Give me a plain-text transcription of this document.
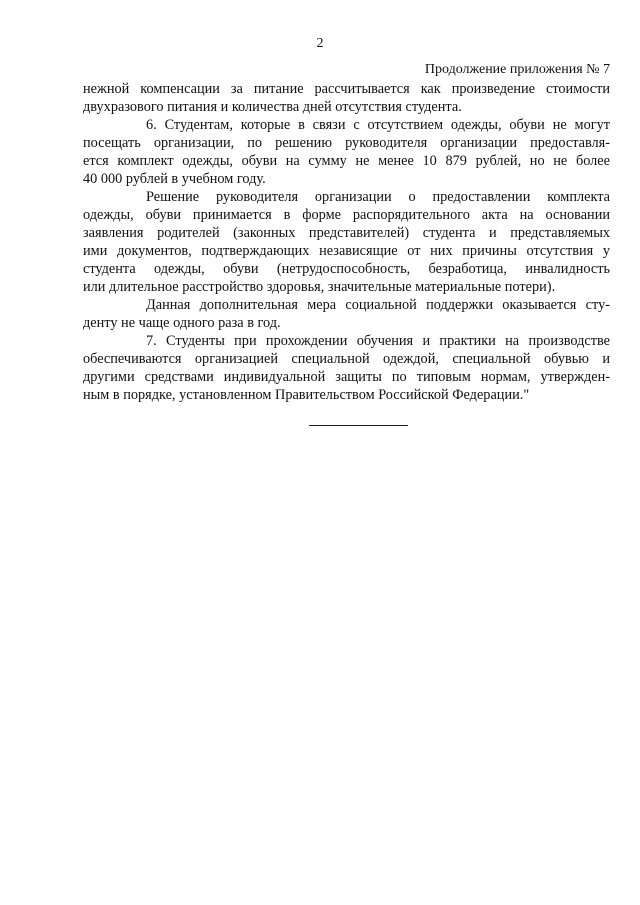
2
Продолжение приложения № 7
нежной компенсации за питание рассчитывается как произведение стоимости
двухразового питания и количества дней отсутствия студента.
6. Студентам, которые в связи с отсутствием одежды, обуви не могут
посещать организации, по решению руководителя организации предоставля-
ется комплект одежды, обуви на сумму не менее 10 879 рублей, но не более
40 000 рублей в учебном году.
Решение руководителя организации о предоставлении комплекта
одежды, обуви принимается в форме распорядительного акта на основании
заявления родителей (законных представителей) студента и представляемых
ими документов, подтверждающих независящие от них причины отсутствия у
студента одежды, обуви (нетрудоспособность, безработица, инвалидность
или длительное расстройство здоровья, значительные материальные потери).
Данная дополнительная мера социальной поддержки оказывается сту-
денту не чаще одного раза в год.
7. Студенты при прохождении обучения и практики на производстве
обеспечиваются организацией специальной одеждой, специальной обувью и
другими средствами индивидуальной защиты по типовым нормам, утвержден-
ным в порядке, установленном Правительством Российской Федерации."
